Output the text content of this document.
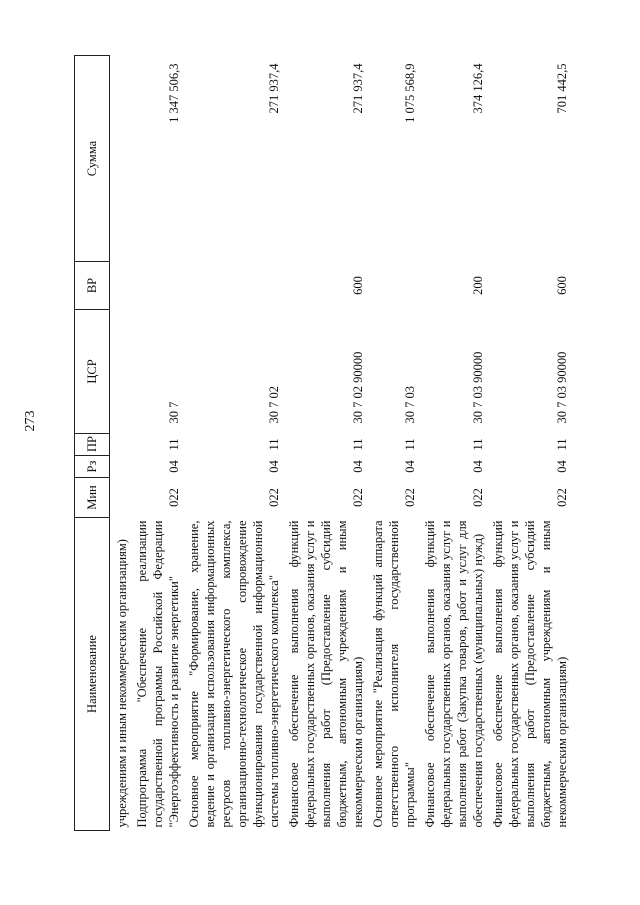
273
Наименование	Мин	Рз	ПР	ЦСР	ВР	Сумма
учреждениям и иным некоммерческим организациям)						
Подпрограмма "Обеспечение реализации государственной программы Российской Федерации "Энергоэффективность и развитие энергетики"	022	04	11	30 7		1 347 506,3
Основное мероприятие "Формирование, хранение, ведение и организация использования информационных ресурсов топливно-энергетического комплекса, организационно-технологическое сопровождение функционирования государственной информационной системы топливно-энергетического комплекса"	022	04	11	30 7 02		271 937,4
Финансовое обеспечение выполнения функций федеральных государственных органов, оказания услуг и выполнения работ (Предоставление субсидий бюджетным, автономным учреждениям и иным некоммерческим организациям)	022	04	11	30 7 02 90000	600	271 937,4
Основное мероприятие "Реализация функций аппарата ответственного исполнителя государственной программы"	022	04	11	30 7 03		1 075 568,9
Финансовое обеспечение выполнения функций федеральных государственных органов, оказания услуг и выполнения работ (Закупка товаров, работ и услуг для обеспечения государственных (муниципальных) нужд)	022	04	11	30 7 03 90000	200	374 126,4
Финансовое обеспечение выполнения функций федеральных государственных органов, оказания услуг и выполнения работ (Предоставление субсидий бюджетным, автономным учреждениям и иным некоммерческим организациям)	022	04	11	30 7 03 90000	600	701 442,5
